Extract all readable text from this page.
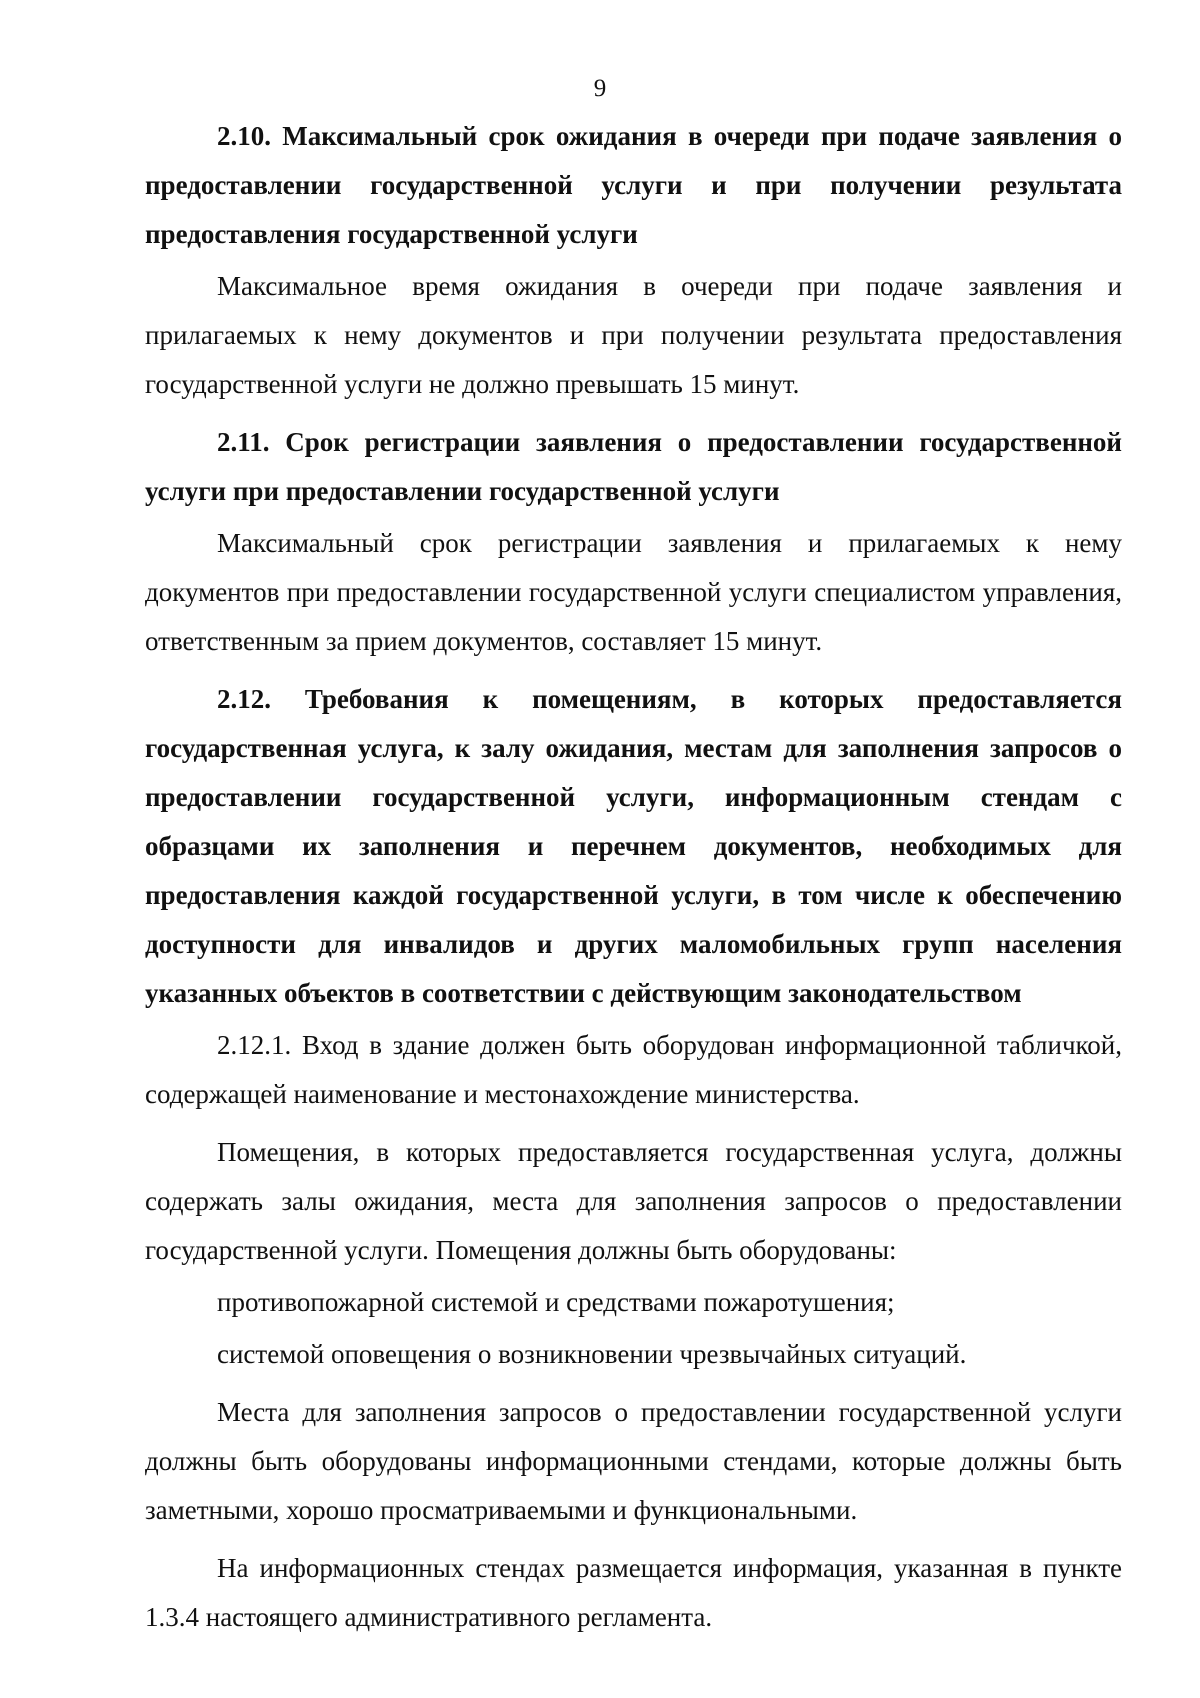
9

2.10. Максимальный срок ожидания в очереди при подаче заявления о предоставлении государственной услуги и при получении результата предоставления государственной услуги

Максимальное время ожидания в очереди при подаче заявления и прилагаемых к нему документов и при получении результата предоставления государственной услуги не должно превышать 15 минут.

2.11. Срок регистрации заявления о предоставлении государственной услуги при предоставлении государственной услуги

Максимальный срок регистрации заявления и прилагаемых к нему документов при предоставлении государственной услуги специалистом управления, ответственным за прием документов, составляет 15 минут.

2.12. Требования к помещениям, в которых предоставляется государственная услуга, к залу ожидания, местам для заполнения запросов о предоставлении государственной услуги, информационным стендам с образцами их заполнения и перечнем документов, необходимых для предоставления каждой государственной услуги, в том числе к обеспечению доступности для инвалидов и других маломобильных групп населения указанных объектов в соответствии с действующим законодательством

2.12.1. Вход в здание должен быть оборудован информационной табличкой, содержащей наименование и местонахождение министерства.

Помещения, в которых предоставляется государственная услуга, должны содержать залы ожидания, места для заполнения запросов о предоставлении государственной услуги. Помещения должны быть оборудованы:

противопожарной системой и средствами пожаротушения;

системой оповещения о возникновении чрезвычайных ситуаций.

Места для заполнения запросов о предоставлении государственной услуги должны быть оборудованы информационными стендами, которые должны быть заметными, хорошо просматриваемыми и функциональными.

На информационных стендах размещается информация, указанная в пункте 1.3.4 настоящего административного регламента.
